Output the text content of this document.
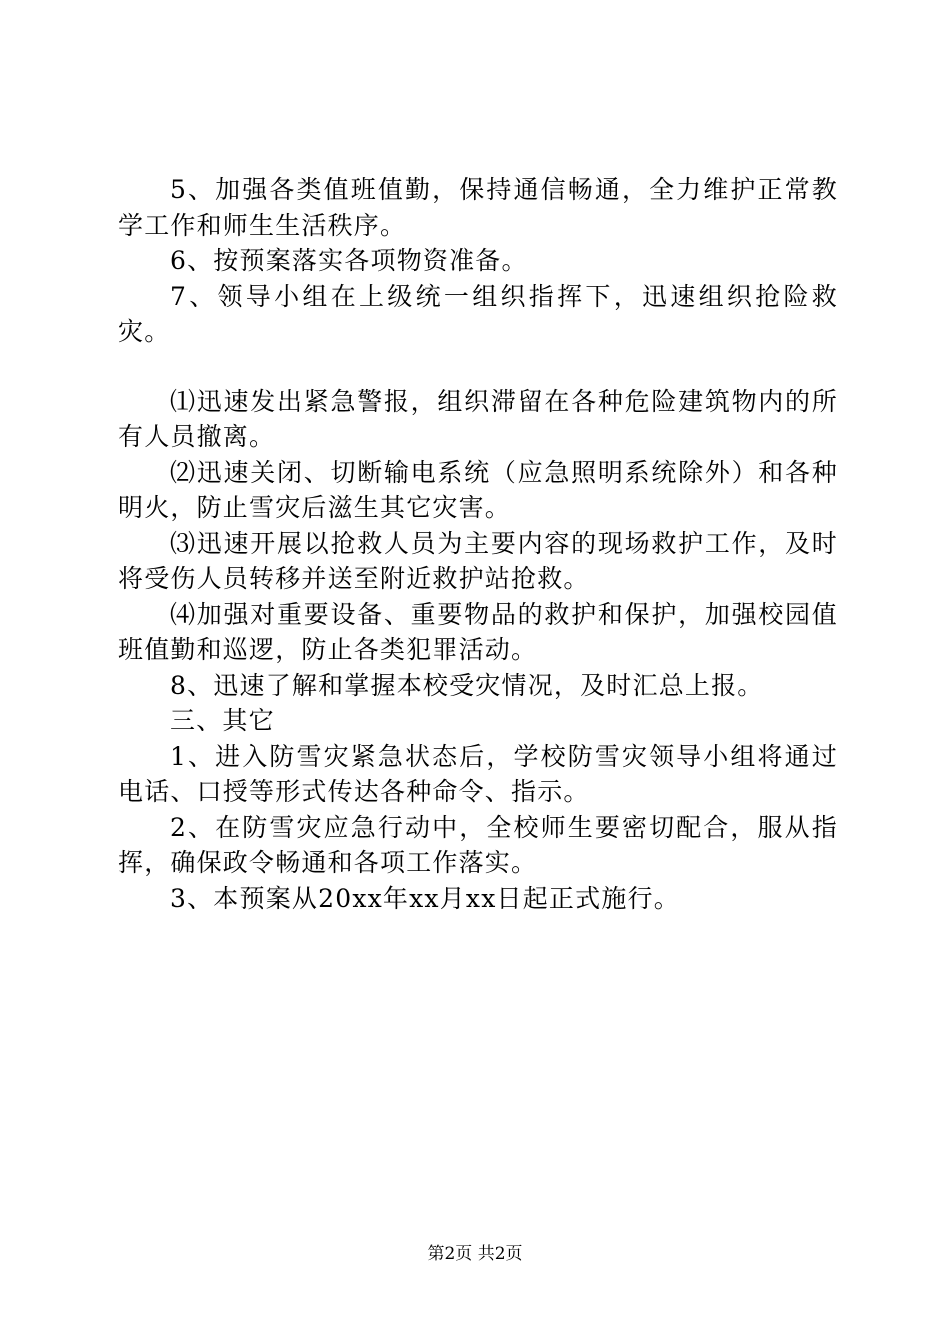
5、加强各类值班值勤，保持通信畅通，全力维护正常教学工作和师生生活秩序。

6、按预案落实各项物资准备。

7、领导小组在上级统一组织指挥下，迅速组织抢险救灾。

⑴迅速发出紧急警报，组织滞留在各种危险建筑物内的所有人员撤离。

⑵迅速关闭、切断输电系统（应急照明系统除外）和各种明火，防止雪灾后滋生其它灾害。

⑶迅速开展以抢救人员为主要内容的现场救护工作，及时将受伤人员转移并送至附近救护站抢救。

⑷加强对重要设备、重要物品的救护和保护，加强校园值班值勤和巡逻，防止各类犯罪活动。

8、迅速了解和掌握本校受灾情况，及时汇总上报。

三、其它

1、进入防雪灾紧急状态后，学校防雪灾领导小组将通过电话、口授等形式传达各种命令、指示。

2、在防雪灾应急行动中，全校师生要密切配合，服从指挥，确保政令畅通和各项工作落实。

3、本预案从20xx年xx月xx日起正式施行。

第2页 共2页
